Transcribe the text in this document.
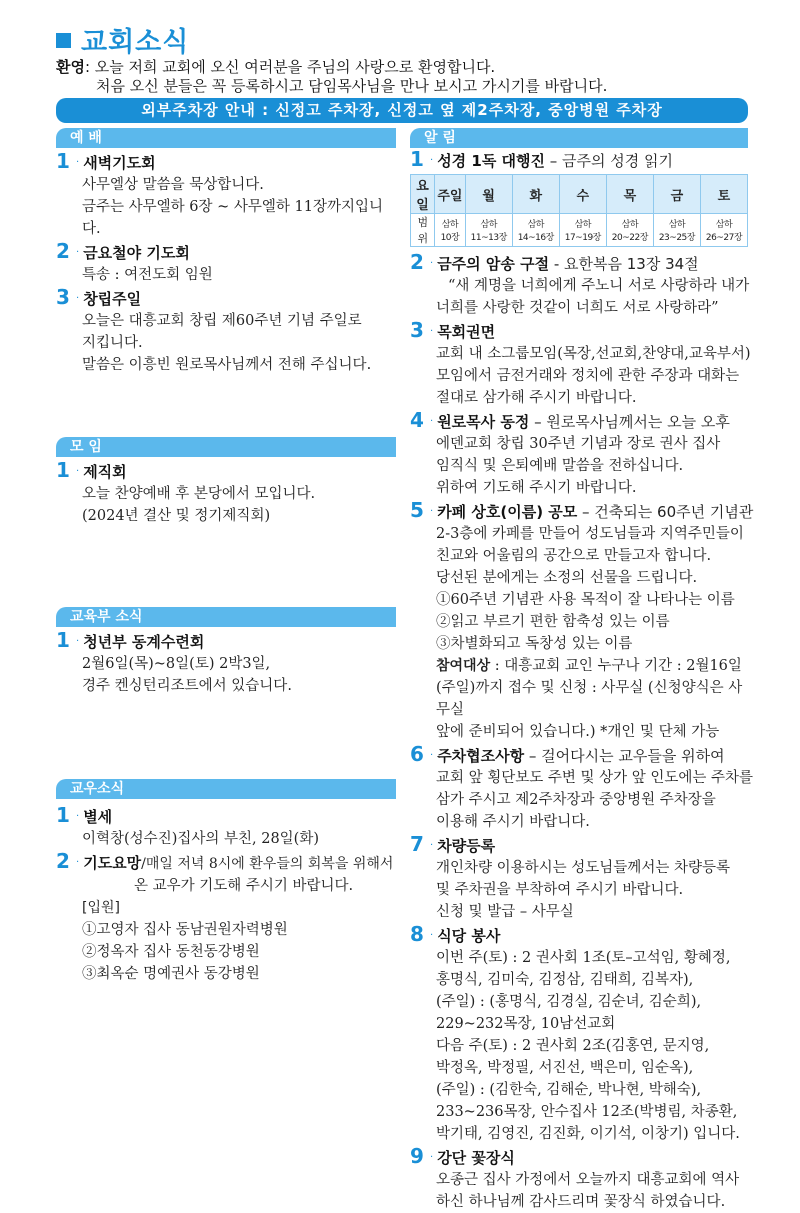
교회소식
환영: 오늘 저희 교회에 오신 여러분을 주님의 사랑으로 환영합니다.
처음 오신 분들은 꼭 등록하시고 담임목사님을 만나 보시고 가시기를 바랍니다.
외부주차장 안내 : 신정고 주차장, 신정고 옆 제2주차장, 중앙병원 주차장
예 배
1 · 새벽기도회
사무엘상 말씀을 묵상합니다.
금주는 사무엘하 6장 ~ 사무엘하 11장까지입니다.
2 · 금요철야 기도회
특송 : 여전도회 임원
3 · 창립주일
오늘은 대흥교회 창립 제60주년 기념 주일로
지킵니다.
말씀은 이흥빈 원로목사님께서 전해 주십니다.
모 임
1 · 제직회
오늘 찬양예배 후 본당에서 모입니다.
(2024년 결산 및 정기제직회)
교육부 소식
1 · 청년부 동계수련회
2월6일(목)~8일(토) 2박3일,
경주 켄싱턴리조트에서 있습니다.
교우소식
1 · 별세
이혁창(성수진)집사의 부친, 28일(화)
2 · 기도요망/매일 저녁 8시에 환우들의 회복을 위해서
온 교우가 기도해 주시기 바랍니다.
[입원]
①고영자 집사 동남권원자력병원
②정옥자 집사 동천동강병원
③최옥순 명예권사 동강병원
알 림
1 · 성경 1독 대행진 – 금주의 성경 읽기
요일	주일	월	화	수	목	금	토
범위	삼하 10장	삼하 11~13장	삼하 14~16장	삼하 17~19장	삼하 20~22장	삼하 23~25장	삼하 26~27장
2 · 금주의 암송 구절 - 요한복음 13장 34절
“새 계명을 너희에게 주노니 서로 사랑하라 내가
너희를 사랑한 것같이 너희도 서로 사랑하라”
3 · 목회권면
교회 내 소그룹모임(목장,선교회,찬양대,교육부서)
모임에서 금전거래와 정치에 관한 주장과 대화는
절대로 삼가해 주시기 바랍니다.
4 · 원로목사 동정 – 원로목사님께서는 오늘 오후
에덴교회 창립 30주년 기념과 장로 권사 집사
임직식 및 은퇴예배 말씀을 전하십니다.
위하여 기도해 주시기 바랍니다.
5 · 카페 상호(이름) 공모 – 건축되는 60주년 기념관
2-3층에 카페를 만들어 성도님들과 지역주민들이
친교와 어울림의 공간으로 만들고자 합니다.
당선된 분에게는 소정의 선물을 드립니다.
①60주년 기념관 사용 목적이 잘 나타나는 이름
②읽고 부르기 편한 함축성 있는 이름
③차별화되고 독창성 있는 이름
참여대상 : 대흥교회 교인 누구나 기간 : 2월16일
(주일)까지 접수 및 신청 : 사무실 (신청양식은 사무실
앞에 준비되어 있습니다.) *개인 및 단체 가능
6 · 주차협조사항 – 걸어다시는 교우들을 위하여
교회 앞 횡단보도 주변 및 상가 앞 인도에는 주차를
삼가 주시고 제2주차장과 중앙병원 주차장을
이용해 주시기 바랍니다.
7 · 차량등록
개인차량 이용하시는 성도님들께서는 차량등록
및 주차권을 부착하여 주시기 바랍니다.
신청 및 발급 – 사무실
8 · 식당 봉사
이번 주(토) : 2 권사회 1조(토–고석임, 황혜정,
홍명식, 김미숙, 김정삼, 김태희, 김복자),
(주일) : (홍명식, 김경실, 김순녀, 김순희),
229~232목장, 10남선교회
다음 주(토) : 2 권사회 2조(김홍연, 문지영,
박정옥, 박정필, 서진선, 백은미, 임순옥),
(주일) : (김한숙, 김해순, 박나현, 박해숙),
233~236목장, 안수집사 12조(박병림, 차종환,
박기태, 김영진, 김진화, 이기석, 이창기) 입니다.
9 · 강단 꽃장식
오종근 집사 가정에서 오늘까지 대흥교회에 역사
하신 하나님께 감사드리며 꽃장식 하였습니다.
